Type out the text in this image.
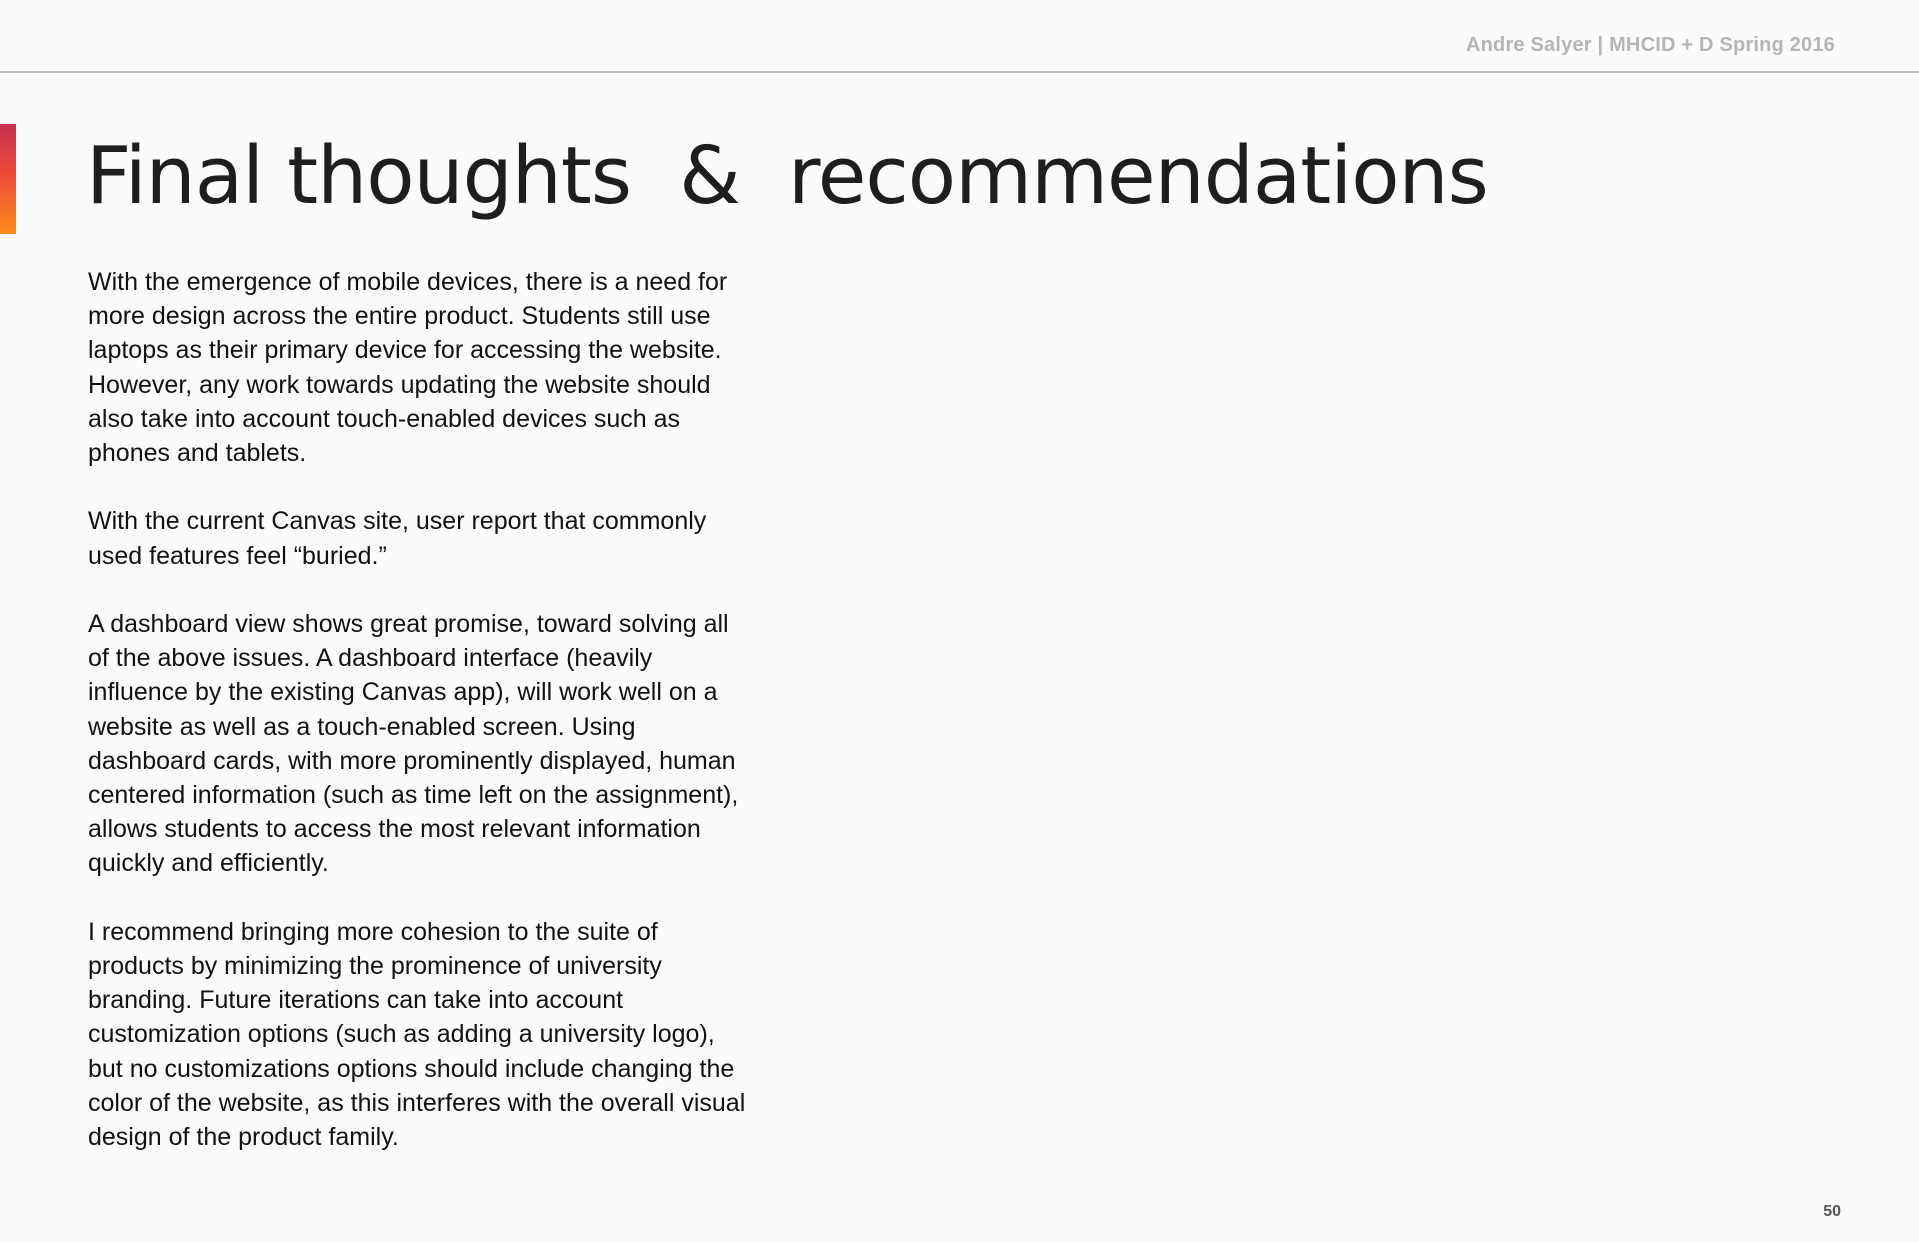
Andre Salyer | MHCID + D Spring 2016
Final thoughts  &  recommendations

With the emergence of mobile devices, there is a need for more design across the entire product. Students still use laptops as their primary device for accessing the website. However, any work towards updating the website should also take into account touch-enabled devices such as phones and tablets.

With the current Canvas site, user report that commonly used features feel “buried.”

A dashboard view shows great promise, toward solving all of the above issues. A dashboard interface (heavily influence by the existing Canvas app), will work well on a website as well as a touch-enabled screen. Using dashboard cards, with more prominently displayed, human centered information (such as time left on the assignment), allows students to access the most relevant information quickly and efficiently.

I recommend bringing more cohesion to the suite of products by minimizing the prominence of university branding. Future iterations can take into account customization options (such as adding a university logo), but no customizations options should include changing the color of the website, as this interferes with the overall visual design of the product family.

50
